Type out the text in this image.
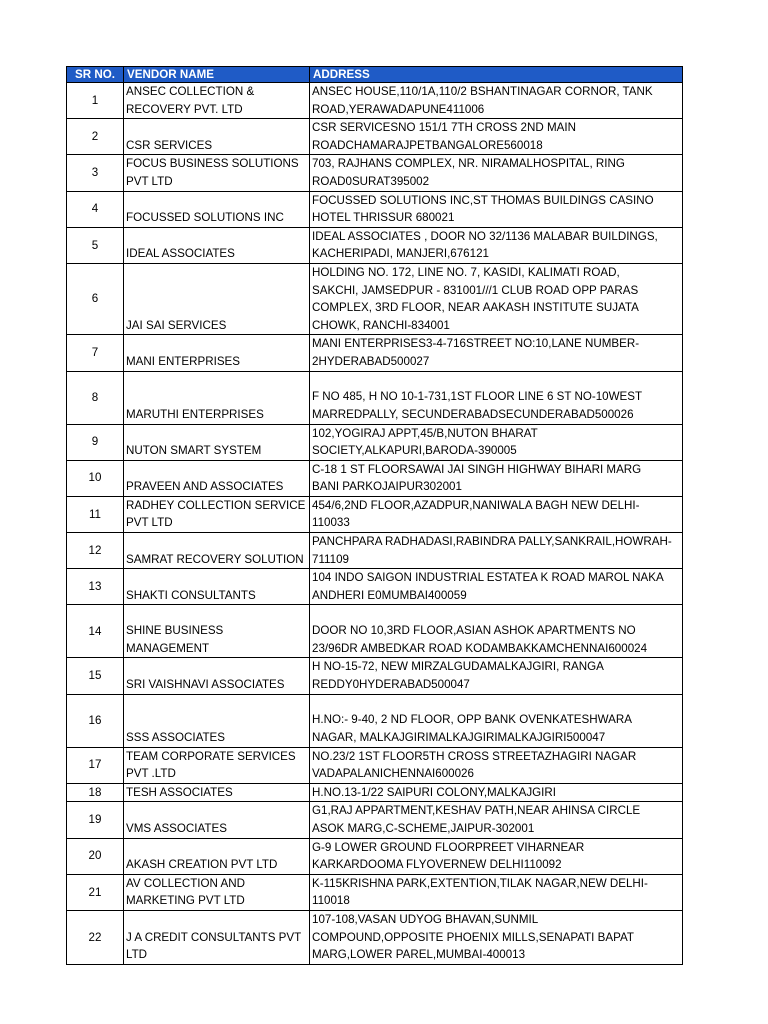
SR NO.	VENDOR NAME	ADDRESS
1	ANSEC COLLECTION &
RECOVERY PVT. LTD	ANSEC HOUSE,110/1A,110/2 BSHANTINAGAR CORNOR, TANK
ROAD,YERAWADAPUNE411006
2	CSR SERVICES	CSR SERVICESNO 151/1 7TH CROSS 2ND MAIN
ROADCHAMARAJPETBANGALORE560018
3	FOCUS BUSINESS SOLUTIONS
PVT LTD	703, RAJHANS COMPLEX, NR. NIRAMALHOSPITAL, RING
ROAD0SURAT395002
4	FOCUSSED SOLUTIONS INC	FOCUSSED SOLUTIONS INC,ST THOMAS BUILDINGS CASINO
HOTEL THRISSUR 680021
5	IDEAL ASSOCIATES	IDEAL ASSOCIATES , DOOR NO 32/1136 MALABAR BUILDINGS,
KACHERIPADI, MANJERI,676121
6	JAI SAI SERVICES	HOLDING NO. 172, LINE NO. 7, KASIDI, KALIMATI ROAD,
SAKCHI, JAMSEDPUR - 831001///1 CLUB ROAD OPP PARAS
COMPLEX, 3RD FLOOR, NEAR AAKASH INSTITUTE SUJATA
CHOWK, RANCHI-834001
7	MANI ENTERPRISES	MANI ENTERPRISES3-4-716STREET NO:10,LANE NUMBER-
2HYDERABAD500027
8	MARUTHI ENTERPRISES	F NO 485, H NO 10-1-731,1ST FLOOR LINE 6 ST NO-10WEST
MARREDPALLY, SECUNDERABADSECUNDERABAD500026
9	NUTON SMART SYSTEM	102,YOGIRAJ APPT,45/B,NUTON BHARAT
SOCIETY,ALKAPURI,BARODA-390005
10	PRAVEEN AND ASSOCIATES	C-18 1 ST FLOORSAWAI JAI SINGH HIGHWAY BIHARI MARG
BANI PARKOJAIPUR302001
11	RADHEY COLLECTION SERVICE
PVT LTD	454/6,2ND FLOOR,AZADPUR,NANIWALA BAGH NEW DELHI-
110033
12	SAMRAT RECOVERY SOLUTION	PANCHPARA RADHADASI,RABINDRA PALLY,SANKRAIL,HOWRAH-
711109
13	SHAKTI CONSULTANTS	104 INDO SAIGON INDUSTRIAL ESTATEA K ROAD MAROL NAKA
ANDHERI E0MUMBAI400059
14	SHINE BUSINESS
MANAGEMENT	DOOR NO 10,3RD FLOOR,ASIAN ASHOK APARTMENTS NO
23/96DR AMBEDKAR ROAD KODAMBAKKAMCHENNAI600024
15	SRI VAISHNAVI ASSOCIATES	H NO-15-72, NEW MIRZALGUDAMALKAJGIRI, RANGA
REDDY0HYDERABAD500047
16	SSS ASSOCIATES	H.NO:- 9-40, 2 ND FLOOR, OPP BANK OVENKATESHWARA
NAGAR, MALKAJGIRIMALKAJGIRIMALKAJGIRI500047
17	TEAM CORPORATE SERVICES
PVT .LTD	NO.23/2 1ST FLOOR5TH CROSS STREETAZHAGIRI NAGAR
VADAPALANICHENNAI600026
18	TESH ASSOCIATES	H.NO.13-1/22 SAIPURI COLONY,MALKAJGIRI
19	VMS ASSOCIATES	G1,RAJ APPARTMENT,KESHAV PATH,NEAR AHINSA CIRCLE
ASOK MARG,C-SCHEME,JAIPUR-302001
20	AKASH CREATION PVT LTD	G-9 LOWER GROUND FLOORPREET VIHARNEAR
KARKARDOOMA FLYOVERNEW DELHI110092
21	AV COLLECTION AND
MARKETING PVT LTD	K-115KRISHNA PARK,EXTENTION,TILAK NAGAR,NEW DELHI-
110018
22	J A CREDIT CONSULTANTS PVT
LTD	107-108,VASAN UDYOG BHAVAN,SUNMIL
COMPOUND,OPPOSITE PHOENIX MILLS,SENAPATI BAPAT
MARG,LOWER PAREL,MUMBAI-400013
